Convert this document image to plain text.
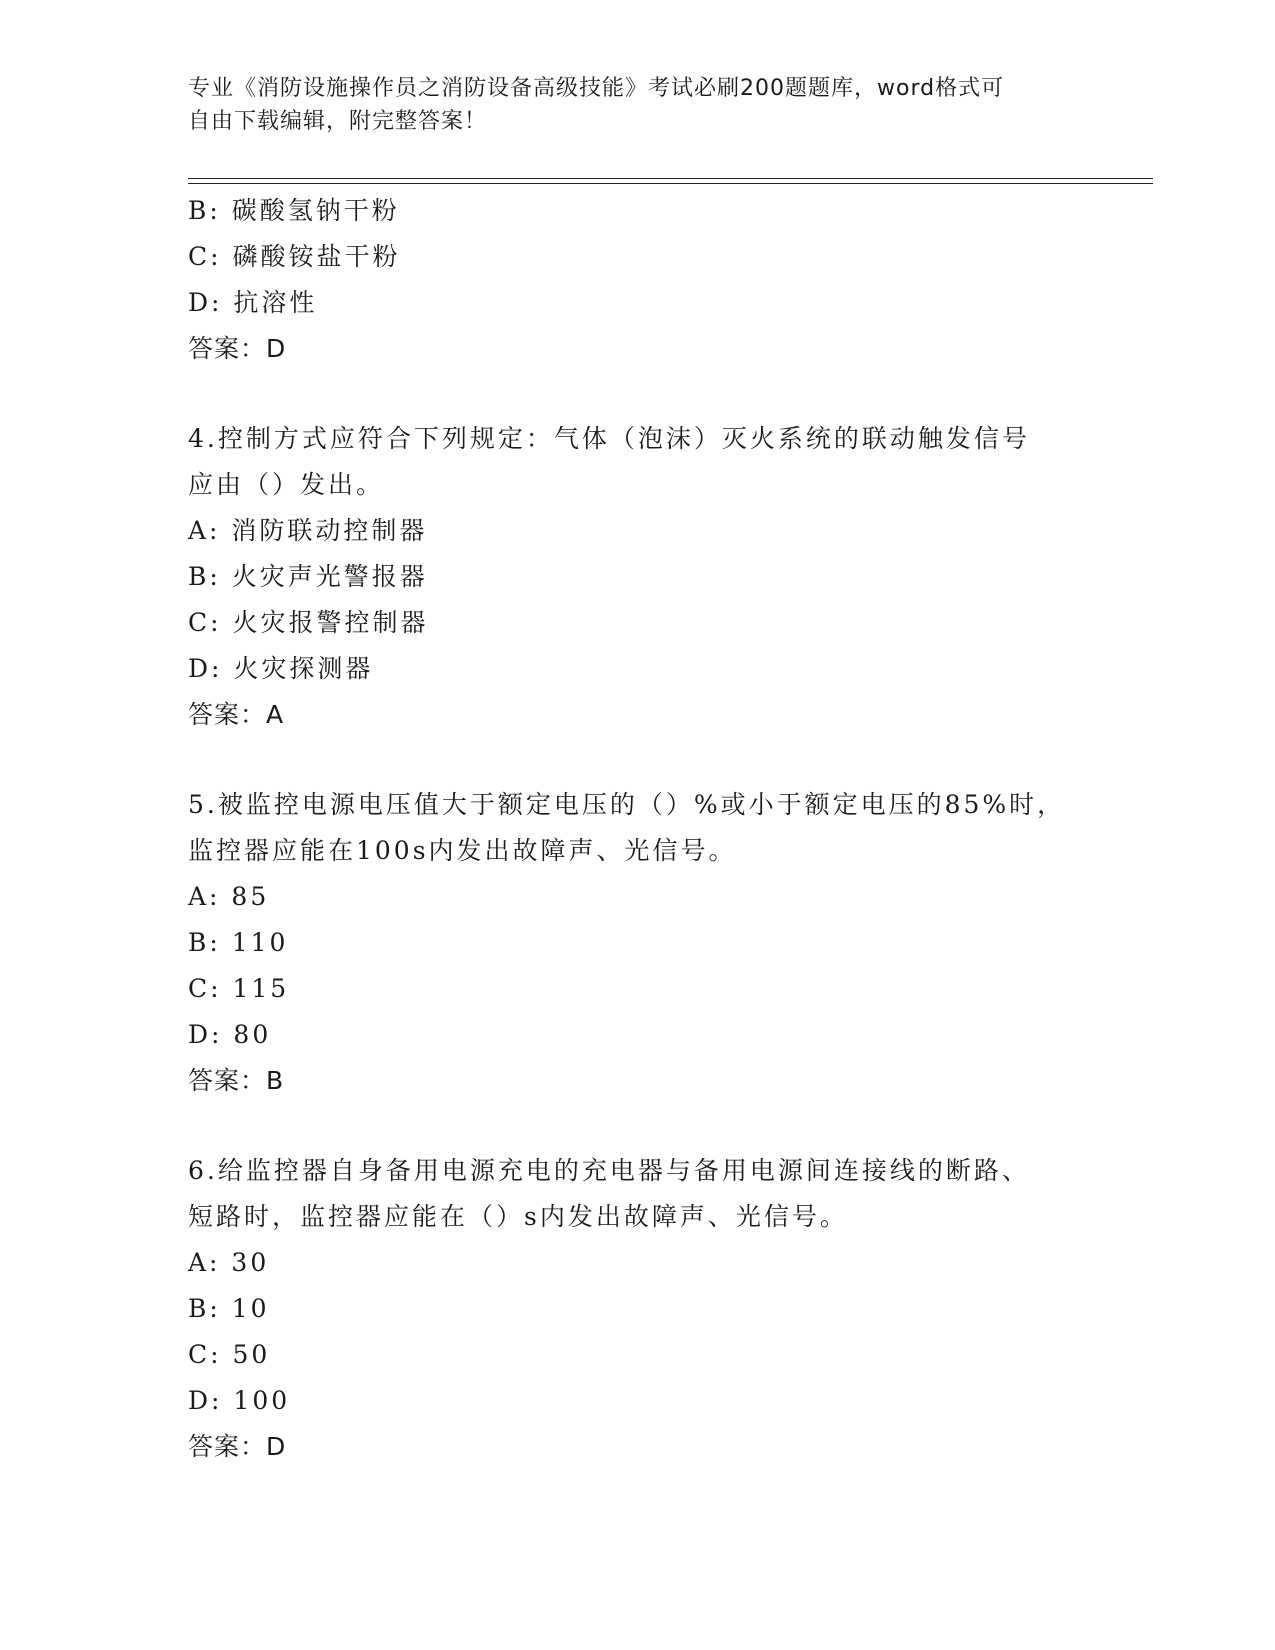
专业《消防设施操作员之消防设备高级技能》考试必刷200题题库，word格式可
自由下载编辑，附完整答案！
B: 碳酸氢钠干粉
C: 磷酸铵盐干粉
D: 抗溶性
答案：D
4.控制方式应符合下列规定：气体（泡沫）灭火系统的联动触发信号
应由（）发出。
A: 消防联动控制器
B: 火灾声光警报器
C: 火灾报警控制器
D: 火灾探测器
答案：A
5.被监控电源电压值大于额定电压的（）%或小于额定电压的85%时，
监控器应能在100s内发出故障声、光信号。
A: 85
B: 110
C: 115
D: 80
答案：B
6.给监控器自身备用电源充电的充电器与备用电源间连接线的断路、
短路时，监控器应能在（）s内发出故障声、光信号。
A: 30
B: 10
C: 50
D: 100
答案：D
